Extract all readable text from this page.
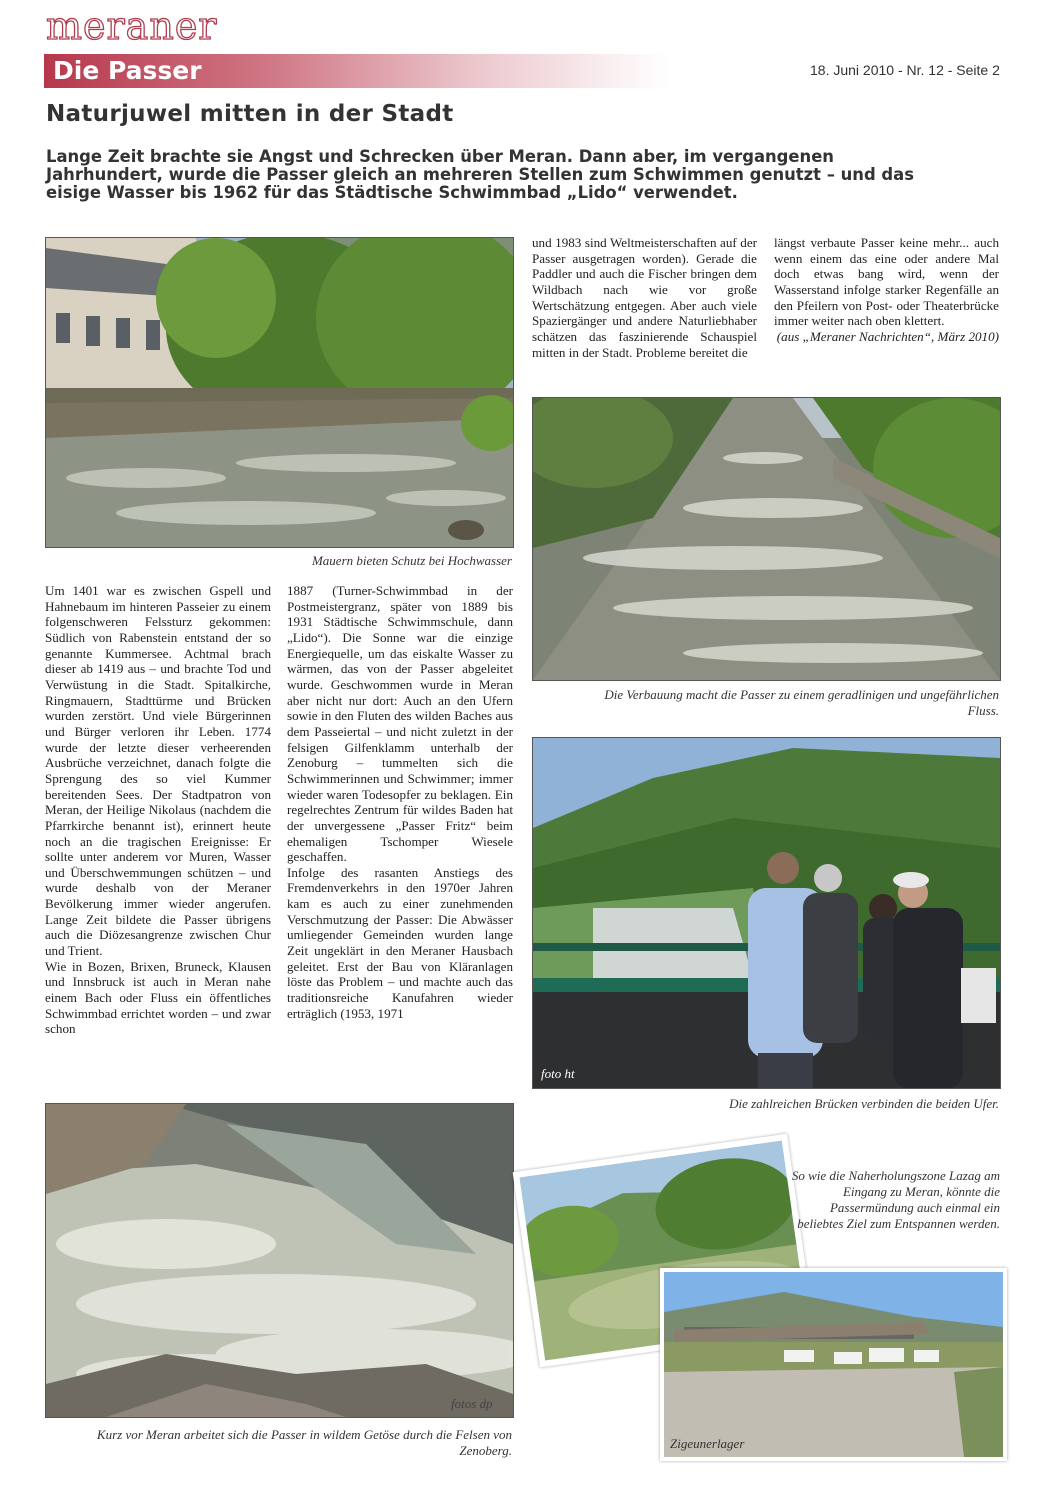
meraner
Die Passer	18. Juni 2010 - Nr. 12 - Seite 2
Naturjuwel mitten in der Stadt
Lange Zeit brachte sie Angst und Schrecken über Meran. Dann aber, im vergangenen Jahrhundert, wurde die Passer gleich an mehreren Stellen zum Schwimmen genutzt – und das eisige Wasser bis 1962 für das Städtische Schwimmbad „Lido“ verwendet.
Mauern bieten Schutz bei Hochwasser

Um 1401 war es zwischen Gspell und Hahnebaum im hinteren Passeier zu einem folgenschweren Felssturz gekommen: Südlich von Rabenstein entstand der so genannte Kummersee. Achtmal brach dieser ab 1419 aus – und brachte Tod und Verwüstung in die Stadt. Spitalkirche, Ringmauern, Stadttürme und Brücken wurden zerstört. Und viele Bürgerinnen und Bürger verloren ihr Leben. 1774 wurde der letzte dieser verheerenden Ausbrüche verzeichnet, danach folgte die Sprengung des so viel Kummer bereitenden Sees. Der Stadtpatron von Meran, der Heilige Nikolaus (nachdem die Pfarrkirche benannt ist), erinnert heute noch an die tragischen Ereignisse: Er sollte unter anderem vor Muren, Wasser und Überschwemmungen schützen – und wurde deshalb von der Meraner Bevölkerung immer wieder angerufen. Lange Zeit bildete die Passer übrigens auch die Diözesangrenze zwischen Chur und Trient.

Wie in Bozen, Brixen, Bruneck, Klausen und Innsbruck ist auch in Meran nahe einem Bach oder Fluss ein öffentliches Schwimmbad errichtet worden – und zwar schon

1887 (Turner-Schwimmbad in der Postmeistergranz, später von 1889 bis 1931 Städtische Schwimmschule, dann „Lido“). Die Sonne war die einzige Energiequelle, um das eiskalte Wasser zu wärmen, das von der Passer abgeleitet wurde. Geschwommen wurde in Meran aber nicht nur dort: Auch an den Ufern sowie in den Fluten des wilden Baches aus dem Passeiertal – und nicht zuletzt in der felsigen Gilfenklamm unterhalb der Zenoburg – tummelten sich die Schwimmerinnen und Schwimmer; immer wieder waren Todesopfer zu beklagen. Ein regelrechtes Zentrum für wildes Baden hat der unvergessene „Passer Fritz“ beim ehemaligen Tschomper Wiesele geschaffen.

Infolge des rasanten Anstiegs des Fremdenverkehrs in den 1970er Jahren kam es auch zu einer zunehmenden Verschmutzung der Passer: Die Abwässer umliegender Gemeinden wurden lange Zeit ungeklärt in den Meraner Hausbach geleitet. Erst der Bau von Kläranlagen löste das Problem – und machte auch das traditionsreiche Kanufahren wieder erträglich (1953, 1971

und 1983 sind Weltmeisterschaften auf der Passer ausgetragen worden). Gerade die Paddler und auch die Fischer bringen dem Wildbach nach wie vor große Wertschätzung entgegen. Aber auch viele Spaziergänger und andere Naturliebhaber schätzen das faszinierende Schauspiel mitten in der Stadt. Probleme bereitet die

längst verbaute Passer keine mehr... auch wenn einem das eine oder andere Mal doch etwas bang wird, wenn der Wasserstand infolge starker Regenfälle an den Pfeilern von Post- oder Theaterbrücke immer weiter nach oben klettert.

(aus „Meraner Nachrichten“, März 2010)

Die Verbauung macht die Passer zu einem geradlinigen und ungefährlichen Fluss.
foto ht
Die zahlreichen Brücken verbinden die beiden Ufer.
fotos dp
Kurz vor Meran arbeitet sich die Passer in wildem Getöse durch die Felsen von Zenoberg.
So wie die Naherholungszone Lazag am Eingang zu Meran, könnte die Passermündung auch einmal ein beliebtes Ziel zum Entspannen werden.
Zigeunerlager
